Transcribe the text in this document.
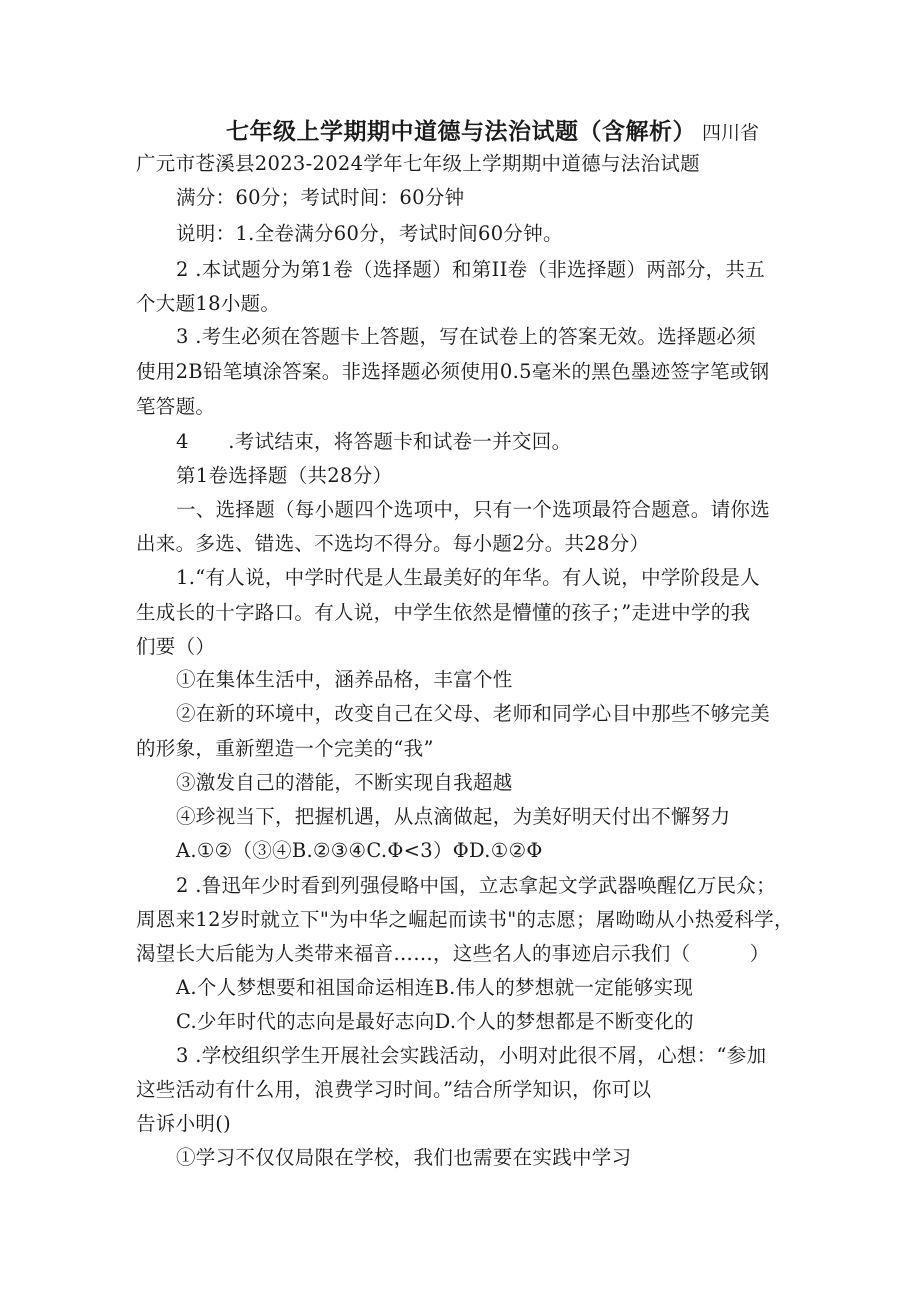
七年级上学期期中道德与法治试题（含解析） 四川省
广元市苍溪县2023-2024学年七年级上学期期中道德与法治试题
满分：60分；考试时间：60分钟
说明：1.全卷满分60分，考试时间60分钟。
2 .本试题分为第1卷（选择题）和第II卷（非选择题）两部分，共五
个大题18小题。
3 .考生必须在答题卡上答题，写在试卷上的答案无效。选择题必须
使用2B铅笔填涂答案。非选择题必须使用0.5毫米的黑色墨迹签字笔或钢
笔答题。
4　　.考试结束，将答题卡和试卷一并交回。
第1卷选择题（共28分）
一、选择题（每小题四个选项中，只有一个选项最符合题意。请你选
出来。多选、错选、不选均不得分。每小题2分。共28分）
1.“有人说，中学时代是人生最美好的年华。有人说，中学阶段是人
生成长的十字路口。有人说，中学生依然是懵懂的孩子；”走进中学的我
们要（）
①在集体生活中，涵养品格，丰富个性
②在新的环境中，改变自己在父母、老师和同学心目中那些不够完美
的形象，重新塑造一个完美的“我”
③激发自己的潜能，不断实现自我超越
④珍视当下，把握机遇，从点滴做起，为美好明天付出不懈努力
A.①②（③④B.②③④C.Φ<3）ΦD.①②Φ
2 .鲁迅年少时看到列强侵略中国，立志拿起文学武器唤醒亿万民众；
周恩来12岁时就立下"为中华之崛起而读书"的志愿；屠呦呦从小热爱科学，
渴望长大后能为人类带来福音……，这些名人的事迹启示我们（　　　）
A.个人梦想要和祖国命运相连B.伟人的梦想就一定能够实现
C.少年时代的志向是最好志向D.个人的梦想都是不断变化的
3 .学校组织学生开展社会实践活动，小明对此很不屑，心想：“参加
这些活动有什么用，浪费学习时间。”结合所学知识，你可以
告诉小明()
①学习不仅仅局限在学校，我们也需要在实践中学习
